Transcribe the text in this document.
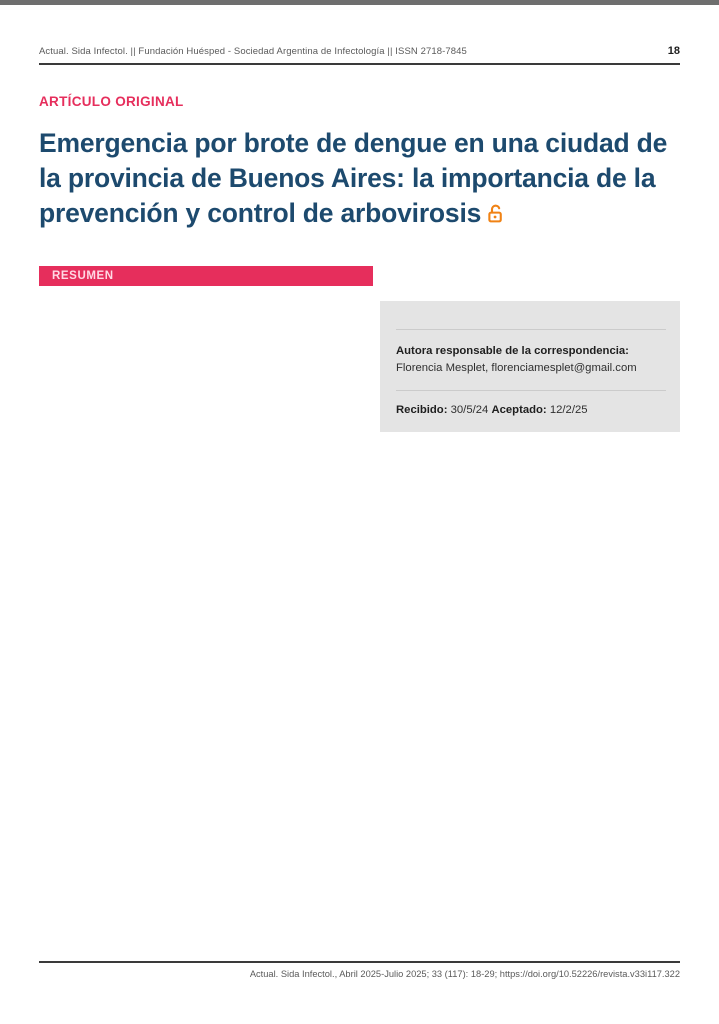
Actual. Sida Infectol. || Fundación Huésped - Sociedad Argentina de Infectología || ISSN 2718-7845	18
ARTÍCULO ORIGINAL
Emergencia por brote de dengue en una ciudad de la provincia de Buenos Aires: la importancia de la prevención y control de arbovirosis
RESUMEN
Autora responsable de la correspondencia:
Florencia Mesplet, florenciamesplet@gmail.com
Recibido: 30/5/24 Aceptado: 12/2/25
Actual. Sida Infectol., Abril 2025-Julio 2025; 33 (117): 18-29; https://doi.org/10.52226/revista.v33i117.322
